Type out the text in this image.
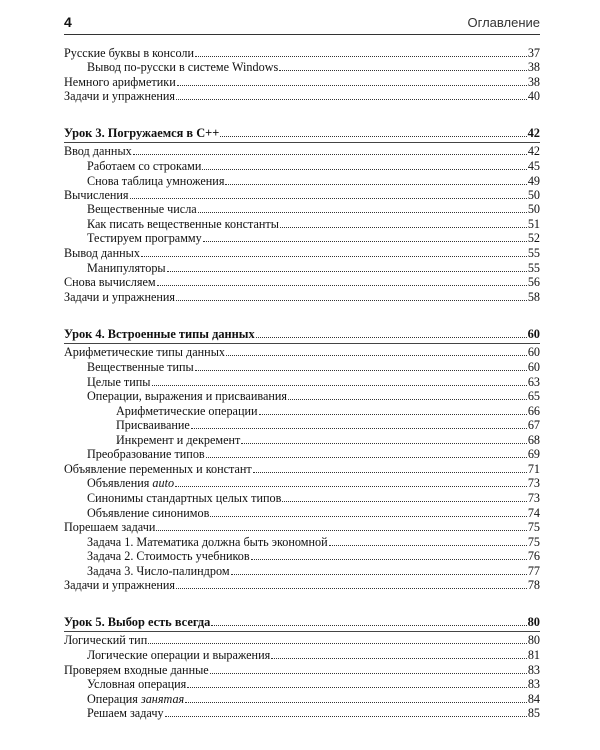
4	Оглавление
Русские буквы в консоли	37
Вывод по-русски в системе Windows	38
Немного арифметики	38
Задачи и упражнения	40
Урок 3. Погружаемся в C++	42
Ввод данных	42
Работаем со строками	45
Снова таблица умножения	49
Вычисления	50
Вещественные числа	50
Как писать вещественные константы	51
Тестируем программу	52
Вывод данных	55
Манипуляторы	55
Снова вычисляем	56
Задачи и упражнения	58
Урок 4. Встроенные типы данных	60
Арифметические типы данных	60
Вещественные типы	60
Целые типы	63
Операции, выражения и присваивания	65
Арифметические операции	66
Присваивание	67
Инкремент и декремент	68
Преобразование типов	69
Объявление переменных и констант	71
Объявления auto	73
Синонимы стандартных целых типов	73
Объявление синонимов	74
Порешаем задачи	75
Задача 1. Математика должна быть экономной	75
Задача 2. Стоимость учебников	76
Задача 3. Число-палиндром	77
Задачи и упражнения	78
Урок 5. Выбор есть всегда	80
Логический тип	80
Логические операции и выражения	81
Проверяем входные данные	83
Условная операция	83
Операция занятая	84
Решаем задачу	85
